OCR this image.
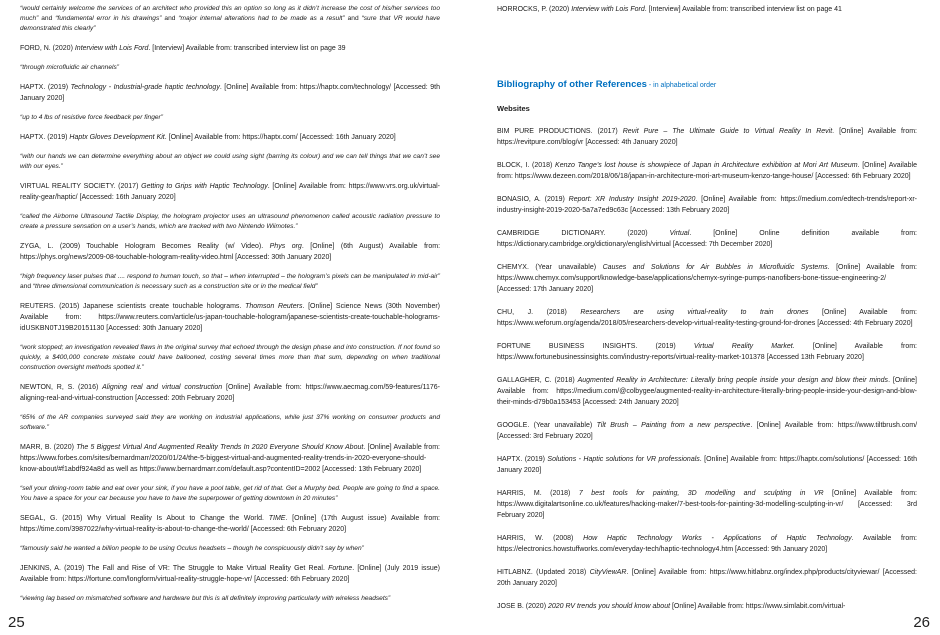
“would certainly welcome the services of an architect who provided this an option so long as it didn’t increase the cost of his/her services too much” and “fundamental error in his drawings” and “major internal alterations had to be made as a result” and “sure that VR would have demonstrated this clearly”

FORD, N. (2020) Interview with Lois Ford. [Interview] Available from: transcribed interview list on page 39

“through microfluidic air channels”

HAPTX. (2019) Technology - Industrial-grade haptic technology. [Online] Available from: https://haptx.com/technology/ [Accessed: 9th January 2020]

“up to 4 lbs of resistive force feedback per finger”

HAPTX. (2019) Haptx Gloves Development Kit. [Online] Available from: https://haptx.com/ [Accessed: 16th January 2020]

“with our hands we can determine everything about an object we could using sight (barring its colour) and we can tell things that we can’t see with our eyes.”

VIRTUAL REALITY SOCIETY. (2017) Getting to Grips with Haptic Technology. [Online] Available from: https://www.vrs.org.uk/virtual-reality-gear/haptic/ [Accessed: 16th January 2020]

“called the Airborne Ultrasound Tactile Display, the hologram projector uses an ultrasound phenomenon called acoustic radiation pressure to create a pressure sensation on a user’s hands, which are tracked with two Nintendo Wiimotes.”

ZYGA, L. (2009) Touchable Hologram Becomes Reality (w/ Video). Phys org. [Online] (6th August) Available from: https://phys.org/news/2009-08-touchable-hologram-reality-video.html [Accessed: 30th January 2020]

“high frequency laser pulses that .... respond to human touch, so that – when interrupted – the hologram’s pixels can be manipulated in mid-air” and “three dimensional communication is necessary such as a construction site or in the medical field”

REUTERS. (2015) Japanese scientists create touchable holograms. Thomson Reuters. [Online] Science News (30th November) Available from: https://www.reuters.com/article/us-japan-touchable-hologram/japanese-scientists-create-touchable-holograms-idUSKBN0TJ19B20151130 [Accessed: 30th January 2020]

“work stopped; an investigation revealed flaws in the original survey that echoed through the design phase and into construction. If not found so quickly, a $400,000 concrete mistake could have ballooned, costing several times more than that sum, depending on when traditional construction oversight methods spotted it.”

NEWTON, R, S. (2016) Aligning real and virtual construction [Online] Available from: https://www.aecmag.com/59-features/1176-aligning-real-and-virtual-construction [Accessed: 20th February 2020]

“65% of the AR companies surveyed said they are working on industrial applications, while just 37% working on consumer products and software.”

MARR, B. (2020) The 5 Biggest Virtual And Augmented Reality Trends In 2020 Everyone Should Know About. [Online] Available from: https://www.forbes.com/sites/bernardmarr/2020/01/24/the-5-biggest-virtual-and-augmented-reality-trends-in-2020-everyone-should-know-about/#f1abdf924a8d as well as https://www.bernardmarr.com/default.asp?contentID=2002 [Accessed: 13th February 2020]

“sell your dining-room table and eat over your sink, if you have a pool table, get rid of that. Get a Murphy bed. People are going to find a space. You have a space for your car because you have to have the superpower of getting downtown in 20 minutes”

SEGAL, G. (2015) Why Virtual Reality Is About to Change the World. TIME. [Online] (17th August issue) Available from: https://time.com/3987022/why-virtual-reality-is-about-to-change-the-world/ [Accessed: 6th February 2020]

“famously said he wanted a billion people to be using Oculus headsets – though he conspicuously didn’t say by when”

JENKINS, A. (2019) The Fall and Rise of VR: The Struggle to Make Virtual Reality Get Real. Fortune. [Online] (July 2019 issue) Available from: https://fortune.com/longform/virtual-reality-struggle-hope-vr/ [Accessed: 6th February 2020]

“viewing lag based on mismatched software and hardware but this is all definitely improving particularly with wireless headsets”

25

HORROCKS, P. (2020) Interview with Lois Ford. [Interview] Available from: transcribed interview list on page 41

Bibliography of other References - in alphabetical order

Websites

BIM PURE PRODUCTIONS. (2017) Revit Pure – The Ultimate Guide to Virtual Reality In Revit. [Online] Available from: https://revitpure.com/blog/vr [Accessed: 4th January 2020]

BLOCK, I. (2018) Kenzo Tange’s lost house is showpiece of Japan in Architecture exhibition at Mori Art Museum. [Online] Available from: https://www.dezeen.com/2018/06/18/japan-in-architecture-mori-art-museum-kenzo-tange-house/ [Accessed: 6th February 2020]

BONASIO, A. (2019) Report: XR Industry Insight 2019-2020. [Online] Available from: https://medium.com/edtech-trends/report-xr-industry-insight-2019-2020-5a7a7ed9c63c [Accessed: 13th February 2020]

CAMBRIDGE DICTIONARY. (2020) Virtual. [Online] Online definition available from: https://dictionary.cambridge.org/dictionary/english/virtual [Accessed: 7th December 2020]

CHEMYX. (Year unavailable) Causes and Solutions for Air Bubbles in Microfluidic Systems. [Online] Available from: https://www.chemyx.com/support/knowledge-base/applications/chemyx-syringe-pumps-nanofibers-bone-tissue-engineering-2/ [Accessed: 17th January 2020]

CHU, J. (2018) Researchers are using virtual-reality to train drones [Online] Available from: https://www.weforum.org/agenda/2018/05/researchers-develop-virtual-reality-testing-ground-for-drones [Accessed: 4th February 2020]

FORTUNE BUSINESS INSIGHTS. (2019) Virtual Reality Market. [Online] Available from: https://www.fortunebusinessinsights.com/industry-reports/virtual-reality-market-101378 [Accessed 13th February 2020]

GALLAGHER, C. (2018) Augmented Reality in Architecture: Literally bring people inside your design and blow their minds. [Online] Available from: https://medium.com/@colbygee/augmented-reality-in-architecture-literally-bring-people-inside-your-design-and-blow-their-minds-d79b0a153453 [Accessed: 24th January 2020]

GOOGLE. (Year unavailable) Tilt Brush – Painting from a new perspective. [Online] Available from: https://www.tiltbrush.com/ [Accessed: 3rd February 2020]

HAPTX. (2019) Solutions - Haptic solutions for VR professionals. [Online] Available from: https://haptx.com/solutions/ [Accessed: 16th January 2020]

HARRIS, M. (2018) 7 best tools for painting, 3D modelling and sculpting in VR [Online] Available from: https://www.digitalartsonline.co.uk/features/hacking-maker/7-best-tools-for-painting-3d-modelling-sculpting-in-vr/ [Accessed: 3rd February 2020]

HARRIS, W. (2008) How Haptic Technology Works - Applications of Haptic Technology. Available from: https://electronics.howstuffworks.com/everyday-tech/haptic-technology4.htm [Accessed: 9th January 2020]

HITLABNZ. (Updated 2018) CityViewAR. [Online] Available from: https://www.hitlabnz.org/index.php/products/cityviewar/ [Accessed: 20th January 2020]

JOSE B. (2020) 2020 RV trends you should know about [Online] Available from: https://www.simlabit.com/virtual-

26
